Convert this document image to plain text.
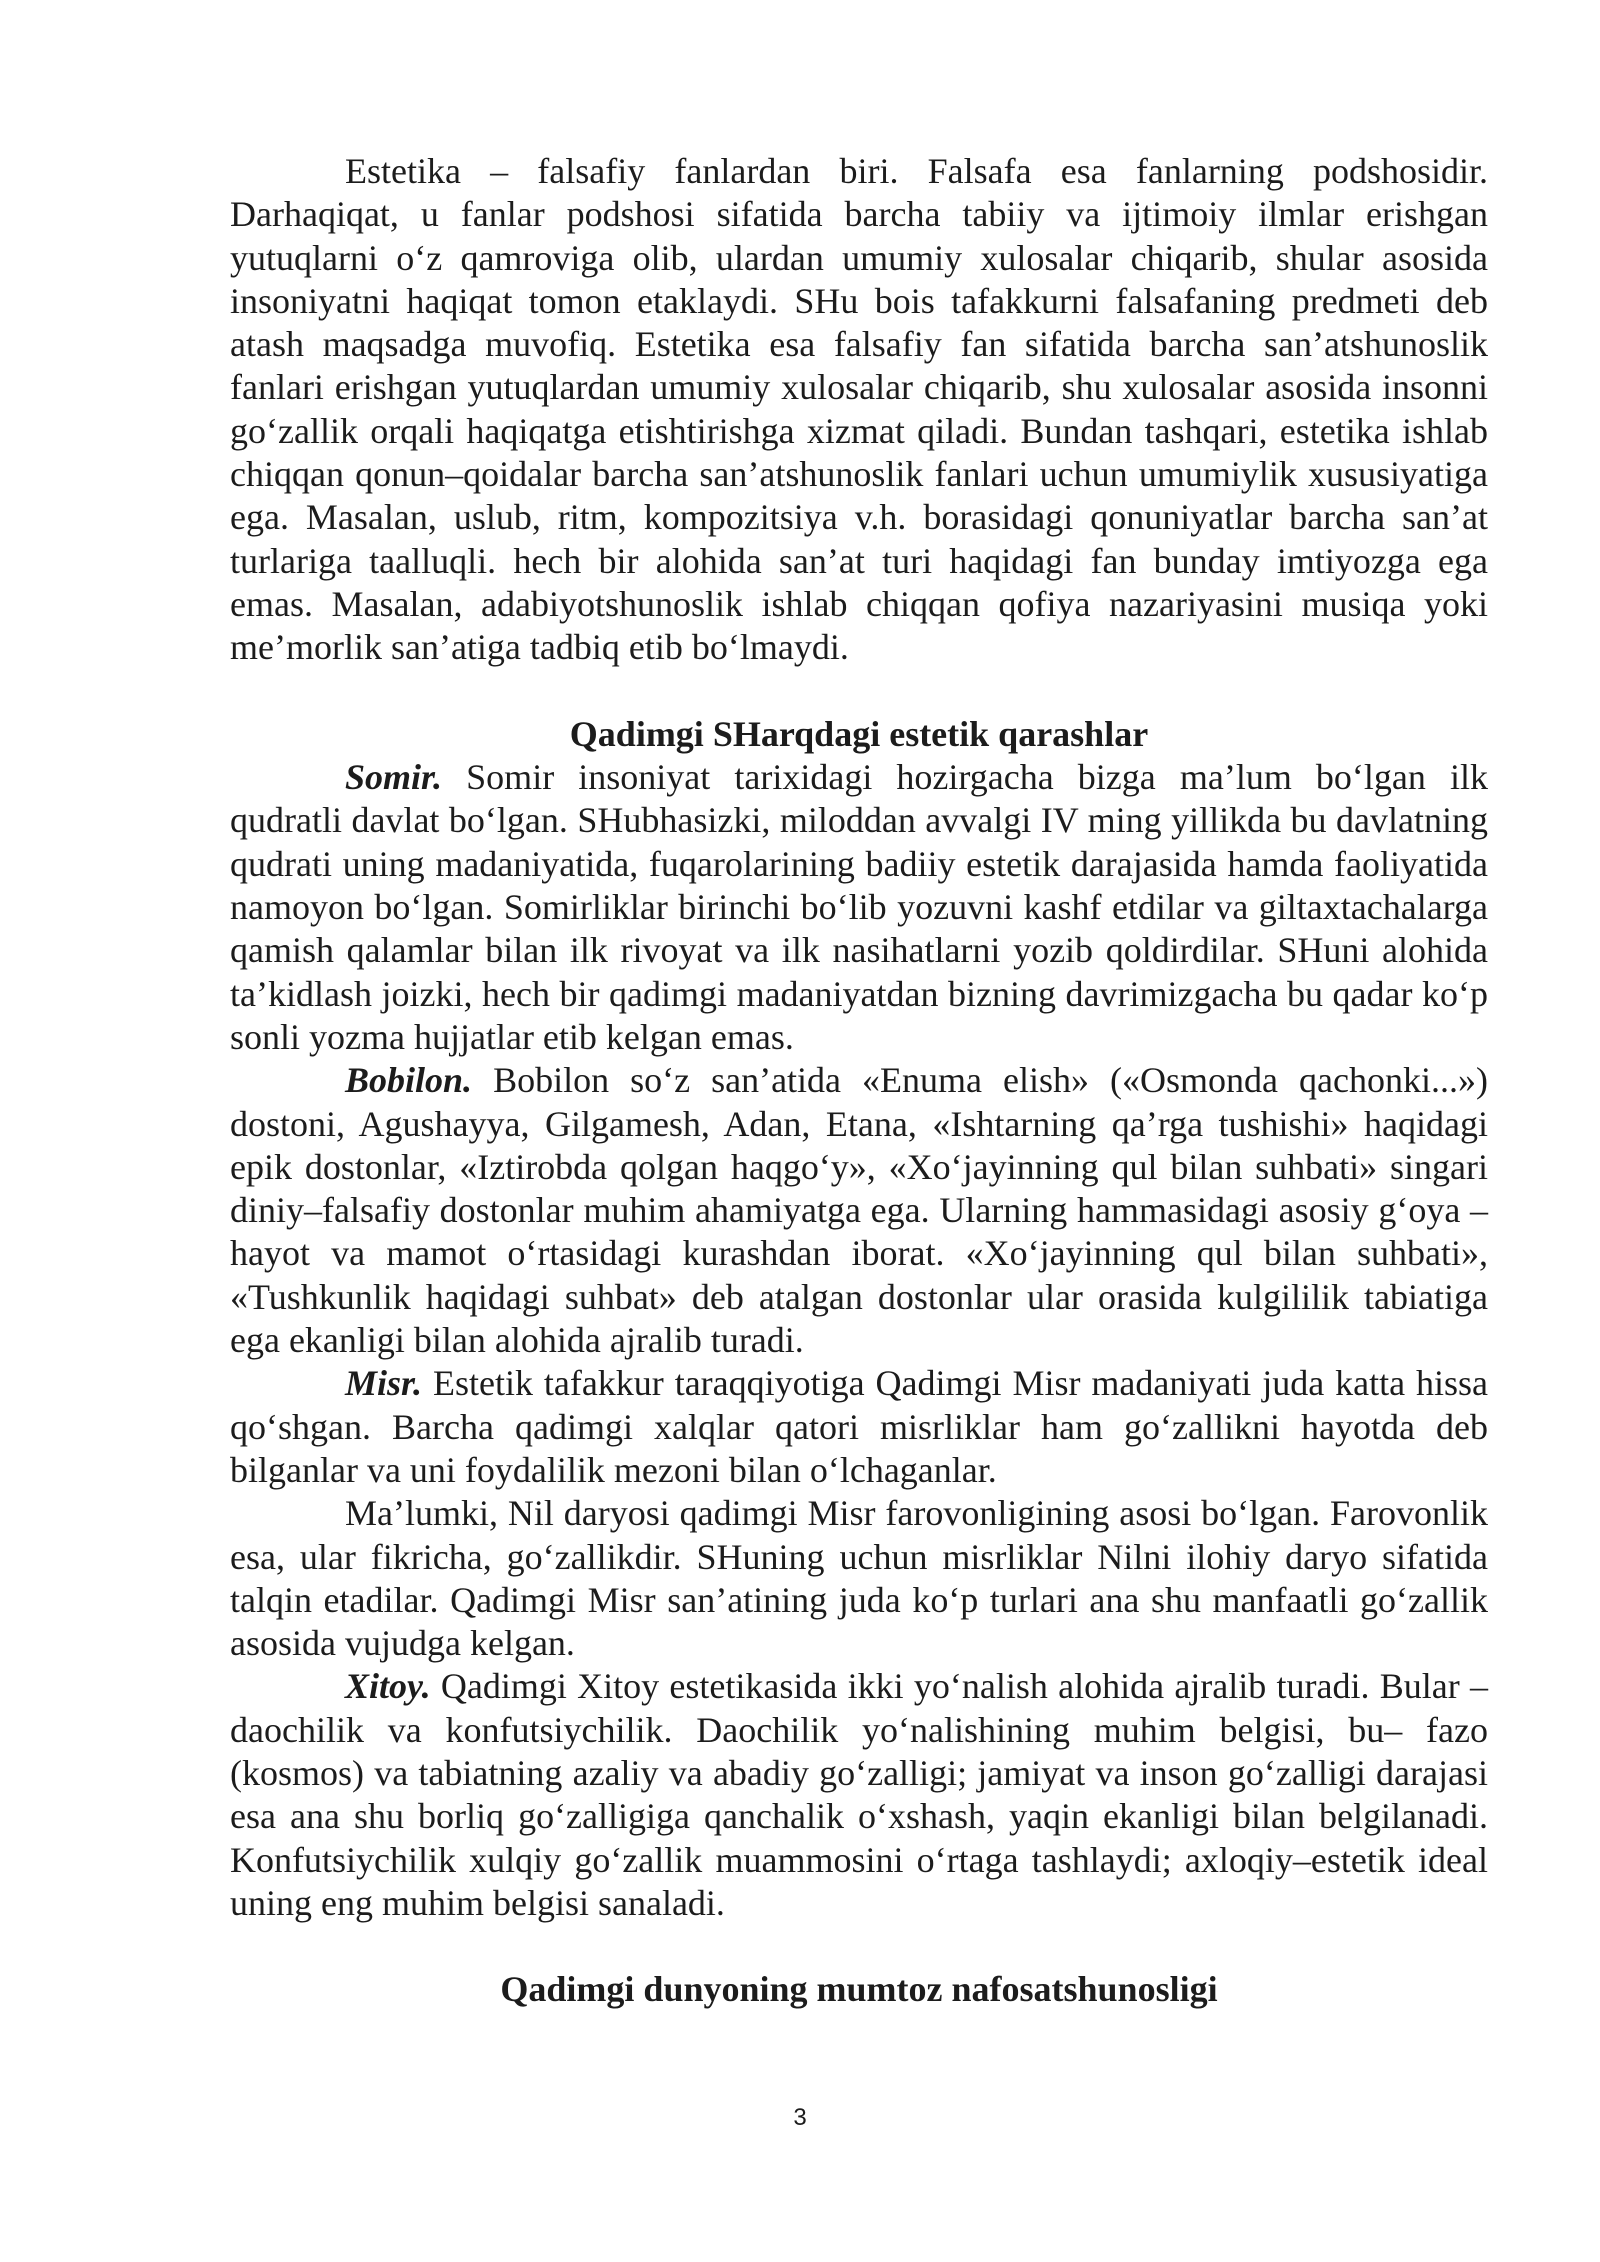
Estetika – falsafiy fanlardan biri. Falsafa esa fanlarning podshosidir. Darhaqiqat, u fanlar podshosi sifatida barcha tabiiy va ijtimoiy ilmlar erishgan yutuqlarni o‘z qamroviga olib, ulardan umumiy xulosalar chiqarib, shular asosida insoniyatni haqiqat tomon etaklaydi. SHu bois tafakkurni falsafaning predmeti deb atash maqsadga muvofiq. Estetika esa falsafiy fan sifatida barcha san’atshunoslik fanlari erishgan yutuqlardan umumiy xulosalar chiqarib, shu xulosalar asosida insonni go‘zallik orqali haqiqatga etishtirishga xizmat qiladi. Bundan tashqari, estetika ishlab chiqqan qonun–qoidalar barcha san’atshunoslik fanlari uchun umumiylik xususiyatiga ega. Masalan, uslub, ritm, kompozitsiya v.h. borasidagi qonuniyatlar barcha san’at turlariga taalluqli. hech bir alohida san’at turi haqidagi fan bunday imtiyozga ega emas. Masalan, adabiyotshunoslik ishlab chiqqan qofiya nazariyasini musiqa yoki me’morlik san’atiga tadbiq etib bo‘lmaydi.

Qadimgi SHarqdagi estetik qarashlar

Somir. Somir insoniyat tarixidagi hozirgacha bizga ma’lum bo‘lgan ilk qudratli davlat bo‘lgan. SHubhasizki, miloddan avvalgi IV ming yillikda bu davlatning qudrati uning madaniyatida, fuqarolarining badiiy estetik darajasida hamda faoliyatida namoyon bo‘lgan. Somirliklar birinchi bo‘lib yozuvni kashf etdilar va giltaxtachalarga qamish qalamlar bilan ilk rivoyat va ilk nasihatlarni yozib qoldirdilar. SHuni alohida ta’kidlash joizki, hech bir qadimgi madaniyatdan bizning davrimizgacha bu qadar ko‘p sonli yozma hujjatlar etib kelgan emas.

Bobilon. Bobilon so‘z san’atida «Enuma elish» («Osmonda qachonki...») dostoni, Agushayya, Gilgamesh, Adan, Etana, «Ishtarning qa’rga tushishi» haqidagi epik dostonlar, «Iztirobda qolgan haqgo‘y», «Xo‘jayinning qul bilan suhbati» singari diniy–falsafiy dostonlar muhim ahamiyatga ega. Ularning hammasidagi asosiy g‘oya – hayot va mamot o‘rtasidagi kurashdan iborat. «Xo‘jayinning qul bilan suhbati», «Tushkunlik haqidagi suhbat» deb atalgan dostonlar ular orasida kulgililik tabiatiga ega ekanligi bilan alohida ajralib turadi.

Misr. Estetik tafakkur taraqqiyotiga Qadimgi Misr madaniyati juda katta hissa qo‘shgan. Barcha qadimgi xalqlar qatori misrliklar ham go‘zallikni hayotda deb bilganlar va uni foydalilik mezoni bilan o‘lchaganlar.

Ma’lumki, Nil daryosi qadimgi Misr farovonligining asosi bo‘lgan. Farovonlik esa, ular fikricha, go‘zallikdir. SHuning uchun misrliklar Nilni ilohiy daryo sifatida talqin etadilar. Qadimgi Misr san’atining juda ko‘p turlari ana shu manfaatli go‘zallik asosida vujudga kelgan.

Xitoy. Qadimgi Xitoy estetikasida ikki yo‘nalish alohida ajralib turadi. Bular – daochilik va konfutsiychilik. Daochilik yo‘nalishining muhim belgisi, bu– fazo (kosmos) va tabiatning azaliy va abadiy go‘zalligi; jamiyat va inson go‘zalligi darajasi esa ana shu borliq go‘zalligiga qanchalik o‘xshash, yaqin ekanligi bilan belgilanadi. Konfutsiychilik xulqiy go‘zallik muammosini o‘rtaga tashlaydi; axloqiy–estetik ideal uning eng muhim belgisi sanaladi.

Qadimgi dunyoning mumtoz nafosatshunosligi
3
